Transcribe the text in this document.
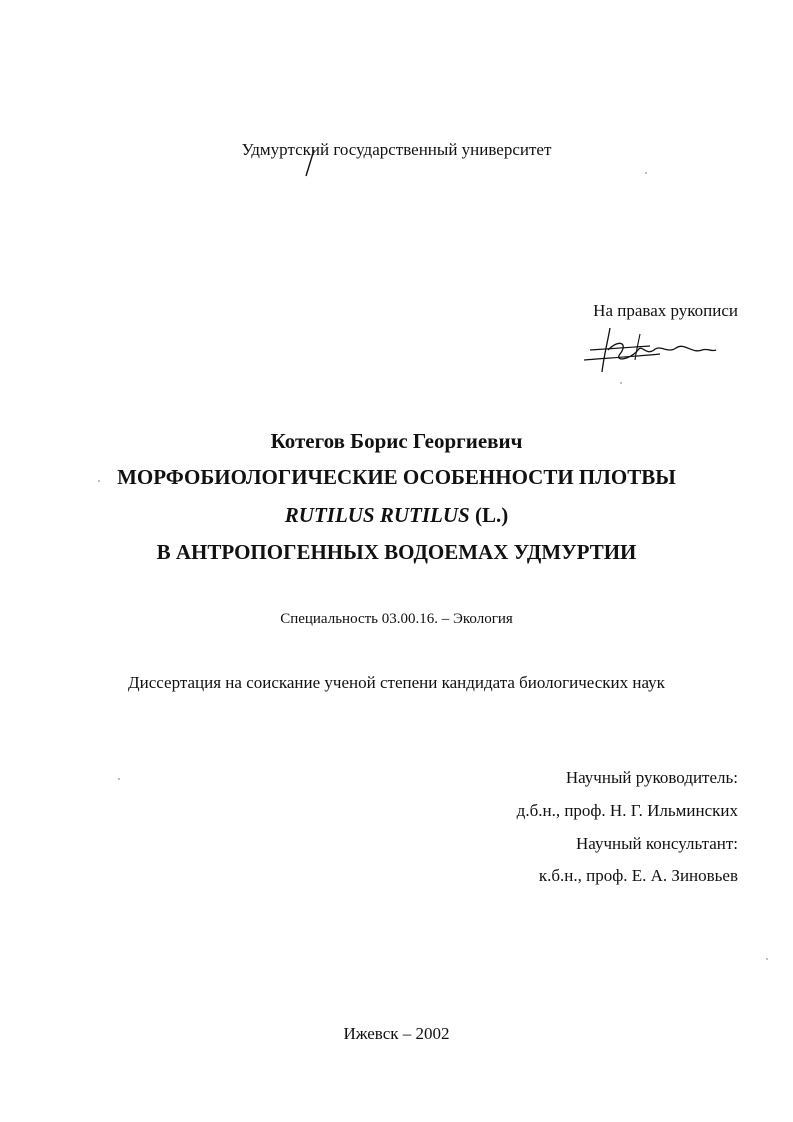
Удмуртский государственный университет
На правах рукописи
Котегов Борис Георгиевич
МОРФОБИОЛОГИЧЕСКИЕ ОСОБЕННОСТИ ПЛОТВЫ
RUTILUS RUTILUS (L.)
В АНТРОПОГЕННЫХ ВОДОЕМАХ УДМУРТИИ
Специальность 03.00.16. – Экология
Диссертация на соискание ученой степени кандидата биологических наук
Научный руководитель:
д.б.н., проф. Н. Г. Ильминских
Научный консультант:
к.б.н., проф. Е. А. Зиновьев
Ижевск – 2002
